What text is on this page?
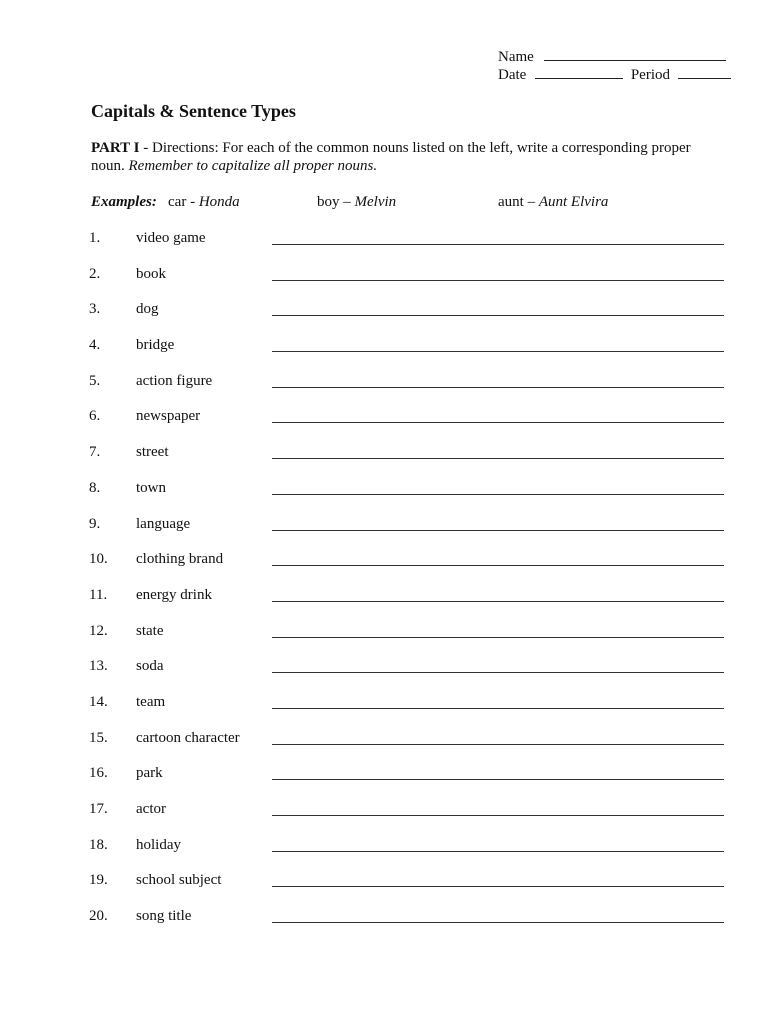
Name
Date	Period
Capitals & Sentence Types
PART I - Directions: For each of the common nouns listed on the left, write a corresponding proper noun. Remember to capitalize all proper nouns.
Examples: car - Honda	boy – Melvin	aunt – Aunt Elvira
1. video game
2. book
3. dog
4. bridge
5. action figure
6. newspaper
7. street
8. town
9. language
10. clothing brand
11. energy drink
12. state
13. soda
14. team
15. cartoon character
16. park
17. actor
18. holiday
19. school subject
20. song title
